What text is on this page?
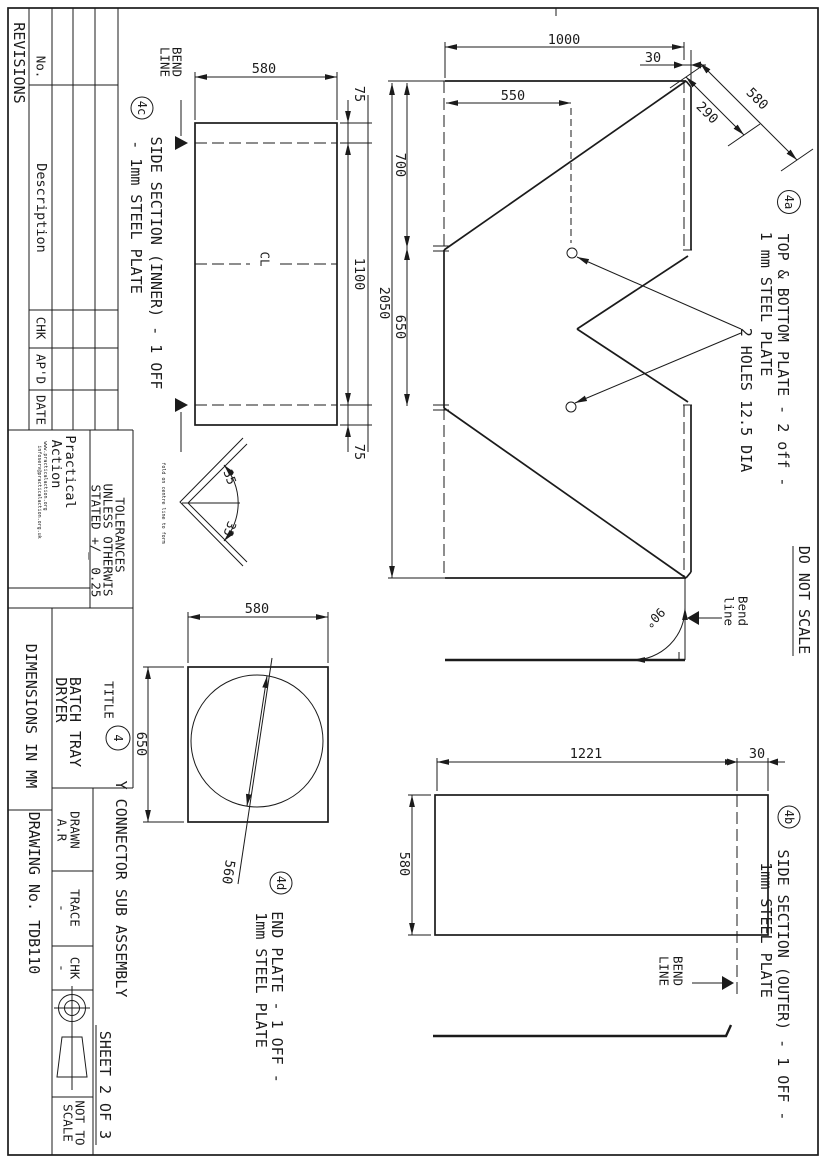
REVISIONS No.
Description
CHK
AP'D
DATE
Practical
Action
www.practicalaction.org
infoserv@practicalaction.org.uk	TOLERANCES
UNLESS OTHERWIS
STATED +/_ 0.25
TITLE
BATCH TRAY
DRYER
DIMENSIONS IN MM
DRAWN
A.R
TRACE
-
CHK
-
DRAWING No. TDB110
NOT TO
SCALE SHEET 2 OF 3
DO NOT SCALE
4
Y CONNECTOR SUB ASSEMBLY
CL
580
75
1100
75
BEND
LINE
4c
SIDE SECTION (INNER) - 1 OFF
- 1mm STEEL PLATE
35
35
fold on centre line to form
2 HOLES 12.5 DIA
1000
30
550
700
650
2050
290 580
90°	Bend
line
4a
TOP & BOTTOM PLATE - 2 off -
1 mm STEEL PLATE
560
580
650
4d
END PLATE - 1 OFF -
1mm STEEL PLATE
1221	30
580
BEND
LINE
4b
SIDE SECTION (OUTER) - 1 OFF -
1mm STEEL PLATE
